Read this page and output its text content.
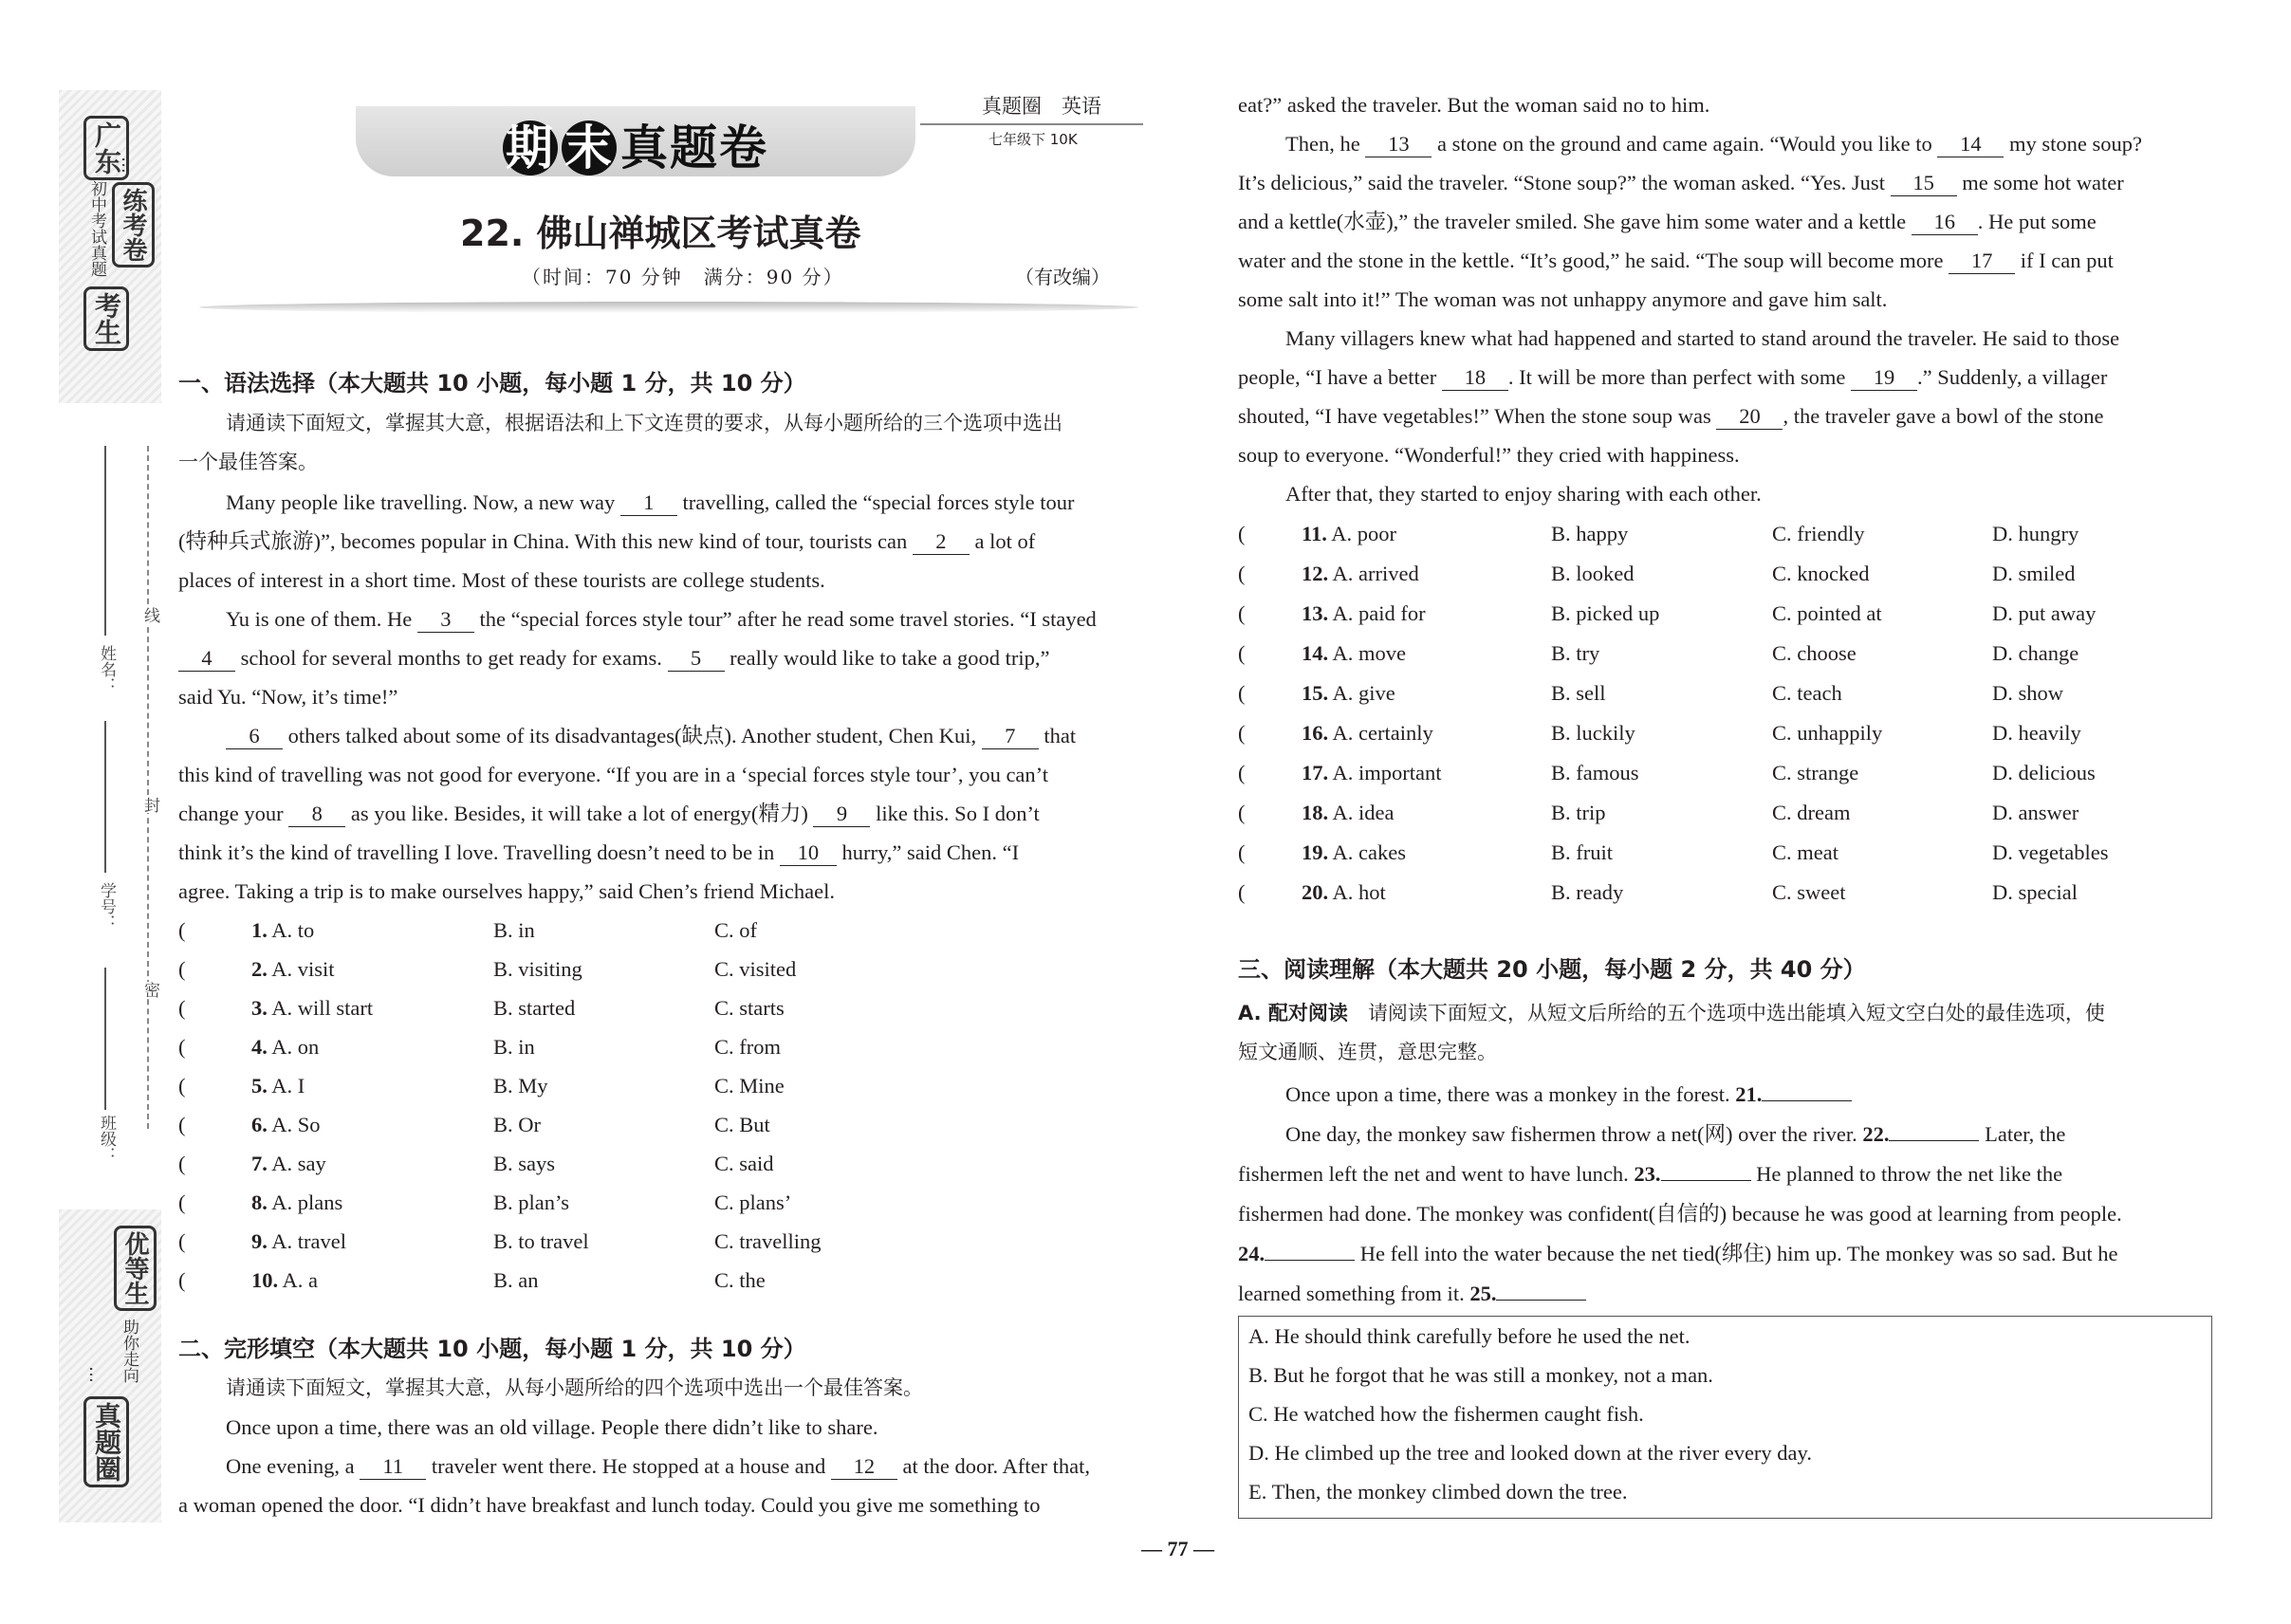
广东
初中考试真题
考生
练考卷
…
线
封
密
姓名：
学号：
班级：
…
真题圈
助你走向
优等生
期 末 真题卷
真题圈　英语
七年级下 10K
22. 佛山禅城区考试真卷
（时间：70 分钟　满分：90 分）	（有改编）
一、语法选择（本大题共 10 小题，每小题 1 分，共 10 分）
请通读下面短文，掌握其大意，根据语法和上下文连贯的要求，从每小题所给的三个选项中选出
一个最佳答案。
Many people like travelling. Now, a new way 1 travelling, called the “special forces style tour
(特种兵式旅游)”, becomes popular in China. With this new kind of tour, tourists can 2 a lot of
places of interest in a short time. Most of these tourists are college students.
Yu is one of them. He 3 the “special forces style tour” after he read some travel stories. “I stayed
4 school for several months to get ready for exams. 5 really would like to take a good trip,”
said Yu. “Now, it’s time!”
6 others talked about some of its disadvantages(缺点). Another student, Chen Kui, 7 that
this kind of travelling was not good for everyone. “If you are in a ‘special forces style tour’, you can’t
change your 8 as you like. Besides, it will take a lot of energy(精力) 9 like this. So I don’t
think it’s the kind of travelling I love. Travelling doesn’t need to be in 10 hurry,” said Chen. “I
agree. Taking a trip is to make ourselves happy,” said Chen’s friend Michael.
(	1. A. to	B. in	C. of
(	2. A. visit	B. visiting	C. visited
(	3. A. will start	B. started	C. starts
(	4. A. on	B. in	C. from
(	5. A. I	B. My	C. Mine
(	6. A. So	B. Or	C. But
(	7. A. say	B. says	C. said
(	8. A. plans	B. plan’s	C. plans’
(	9. A. travel	B. to travel	C. travelling
(	10. A. a	B. an	C. the
二、完形填空（本大题共 10 小题，每小题 1 分，共 10 分）
请通读下面短文，掌握其大意，从每小题所给的四个选项中选出一个最佳答案。
Once upon a time, there was an old village. People there didn’t like to share.
One evening, a 11 traveler went there. He stopped at a house and 12 at the door. After that,
a woman opened the door. “I didn’t have breakfast and lunch today. Could you give me something to
eat?” asked the traveler. But the woman said no to him.
Then, he 13 a stone on the ground and came again. “Would you like to 14 my stone soup?
It’s delicious,” said the traveler. “Stone soup?” the woman asked. “Yes. Just 15 me some hot water
and a kettle(水壶),” the traveler smiled. She gave him some water and a kettle 16 . He put some
water and the stone in the kettle. “It’s good,” he said. “The soup will become more 17 if I can put
some salt into it!” The woman was not unhappy anymore and gave him salt.
Many villagers knew what had happened and started to stand around the traveler. He said to those
people, “I have a better 18 . It will be more than perfect with some 19 .” Suddenly, a villager
shouted, “I have vegetables!” When the stone soup was 20 , the traveler gave a bowl of the stone
soup to everyone. “Wonderful!” they cried with happiness.
After that, they started to enjoy sharing with each other.
(	11. A. poor	B. happy	C. friendly	D. hungry
(	12. A. arrived	B. looked	C. knocked	D. smiled
(	13. A. paid for	B. picked up	C. pointed at	D. put away
(	14. A. move	B. try	C. choose	D. change
(	15. A. give	B. sell	C. teach	D. show
(	16. A. certainly	B. luckily	C. unhappily	D. heavily
(	17. A. important	B. famous	C. strange	D. delicious
(	18. A. idea	B. trip	C. dream	D. answer
(	19. A. cakes	B. fruit	C. meat	D. vegetables
(	20. A. hot	B. ready	C. sweet	D. special
三、阅读理解（本大题共 20 小题，每小题 2 分，共 40 分）
A. 配对阅读　 请阅读下面短文，从短文后所给的五个选项中选出能填入短文空白处的最佳选项，使
短文通顺、连贯，意思完整。
Once upon a time, there was a monkey in the forest. 21.
One day, the monkey saw fishermen throw a net(网) over the river. 22.	Later, the
fishermen left the net and went to have lunch. 23.	He planned to throw the net like the
fishermen had done. The monkey was confident(自信的) because he was good at learning from people.
24.	He fell into the water because the net tied(绑住) him up. The monkey was so sad. But he
learned something from it. 25.
A. He should think carefully before he used the net.
B. But he forgot that he was still a monkey, not a man.
C. He watched how the fishermen caught fish.
D. He climbed up the tree and looked down at the river every day.
E. Then, the monkey climbed down the tree.
— 77 —
